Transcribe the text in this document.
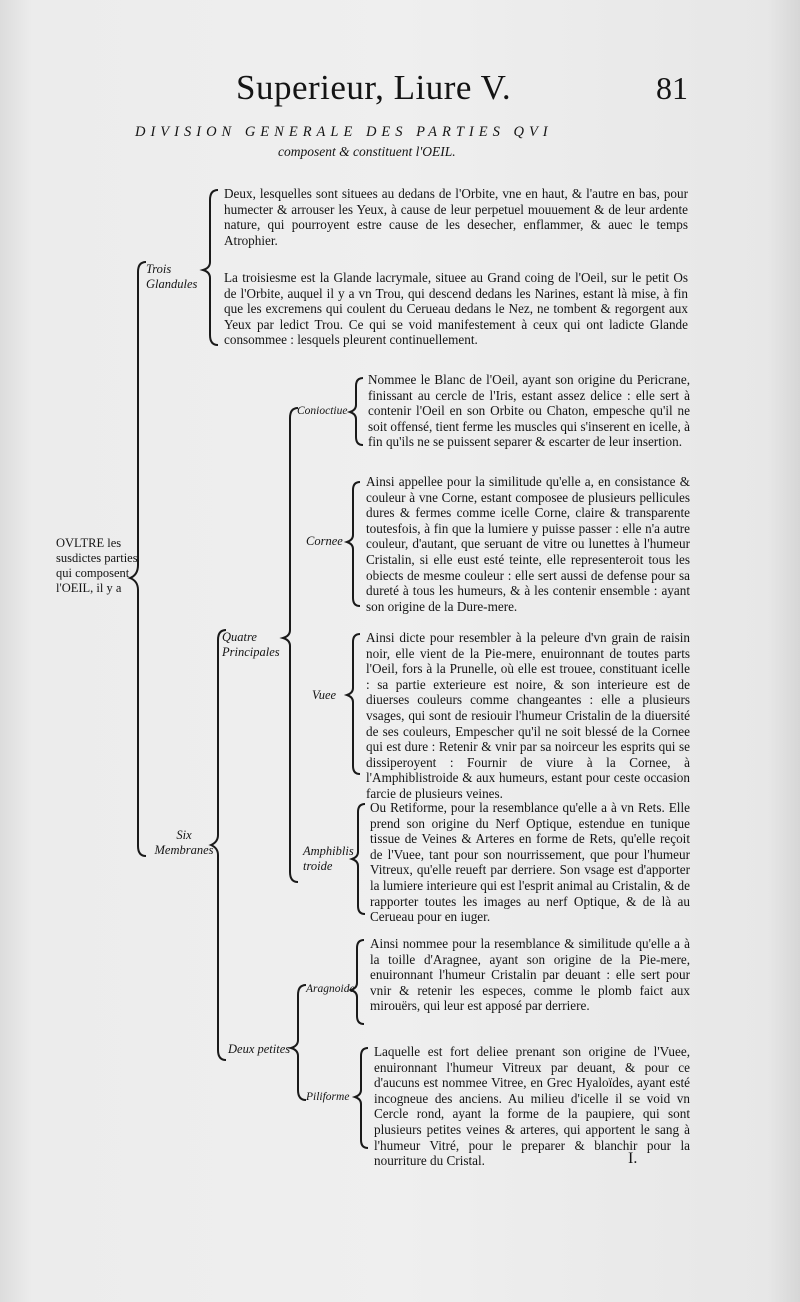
Superieur, Liure V.	81
DIVISION GENERALE DES PARTIES QVI
composent & constituent l'OEIL.
OVLTRE les susdictes parties qui composent l'OEIL, il y a
Trois Glandules
Deux, lesquelles sont situees au dedans de l'Orbite, vne en haut, & l'autre en bas, pour humecter & arrouser les Yeux, à cause de leur perpetuel mouuement & de leur ardente nature, qui pourroyent estre cause de les desecher, enflammer, & auec le temps Atrophier.
La troisiesme est la Glande lacrymale, situee au Grand coing de l'Oeil, sur le petit Os de l'Orbite, auquel il y a vn Trou, qui descend dedans les Narines, estant là mise, à fin que les excremens qui coulent du Cerueau dedans le Nez, ne tombent & regorgent aux Yeux par ledict Trou. Ce qui se void manifestement à ceux qui ont ladicte Glande consommee : lesquels pleurent continuellement.
Six Membranes
Quatre Principales
Deux petites
Conioctiue
Nommee le Blanc de l'Oeil, ayant son origine du Pericrane, finissant au cercle de l'Iris, estant assez delice : elle sert à contenir l'Oeil en son Orbite ou Chaton, empesche qu'il ne soit offensé, tient ferme les muscles qui s'inserent en icelle, à fin qu'ils ne se puissent separer & escarter de leur insertion.
Cornee
Ainsi appellee pour la similitude qu'elle a, en consistance & couleur à vne Corne, estant composee de plusieurs pellicules dures & fermes comme icelle Corne, claire & transparente toutesfois, à fin que la lumiere y puisse passer : elle n'a autre couleur, d'autant, que seruant de vitre ou lunettes à l'humeur Cristalin, si elle eust esté teinte, elle representeroit tous les obiects de mesme couleur : elle sert aussi de defense pour sa dureté à tous les humeurs, & à les contenir ensemble : ayant son origine de la Dure-mere.
Vuee
Ainsi dicte pour resembler à la peleure d'vn grain de raisin noir, elle vient de la Pie-mere, enuironnant de toutes parts l'Oeil, fors à la Prunelle, où elle est trouee, constituant icelle : sa partie exterieure est noire, & son interieure est de diuerses couleurs comme changeantes : elle a plusieurs vsages, qui sont de resiouir l'humeur Cristalin de la diuersité de ses couleurs, Empescher qu'il ne soit blessé de la Cornee qui est dure : Retenir & vnir par sa noirceur les esprits qui se dissiperoyent : Fournir de viure à la Cornee, à l'Amphiblistroide & aux humeurs, estant pour ceste occasion farcie de plusieurs veines.
Amphiblistroide
Ou Retiforme, pour la resemblance qu'elle a à vn Rets. Elle prend son origine du Nerf Optique, estendue en tunique tissue de Veines & Arteres en forme de Rets, qu'elle reçoit de l'Vuee, tant pour son nourrissement, que pour l'humeur Vitreux, qu'elle reueft par derriere. Son vsage est d'apporter la lumiere interieure qui est l'esprit animal au Cristalin, & de rapporter toutes les images au nerf Optique, & de là au Cerueau pour en iuger.
Aragnoide
Ainsi nommee pour la resemblance & similitude qu'elle a à la toille d'Aragnee, ayant son origine de la Pie-mere, enuironnant l'humeur Cristalin par deuant : elle sert pour vnir & retenir les especes, comme le plomb faict aux mirouërs, qui leur est apposé par derriere.
Piliforme
Laquelle est fort deliee prenant son origine de l'Vuee, enuironnant l'humeur Vitreux par deuant, & pour ce d'aucuns est nommee Vitree, en Grec Hyaloïdes, ayant esté incogneue des anciens. Au milieu d'icelle il se void vn Cercle rond, ayant la forme de la paupiere, qui sont plusieurs petites veines & arteres, qui apportent le sang à l'humeur Vitré, pour le preparer & blanchir pour la nourriture du Cristal.	I.
